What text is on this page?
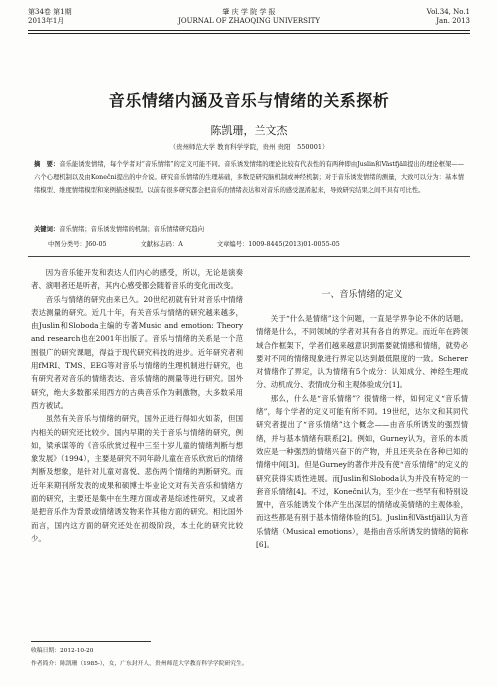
第34卷 第1期
2013年1月
肇 庆 学 院 学 报
JOURNAL OF ZHAOQING UNIVERSITY
Vol.34, No.1
Jan. 2013
音乐情绪内涵及音乐与情绪的关系探析
陈凯珊，兰文杰
（贵州师范大学 教育科学学院，贵州 贵阳　550001）
摘　要：音乐能诱发情绪，每个学者对“音乐情绪”的定义可能不同。音乐诱发情绪的理论比较有代表性的有两种即由Juslin和Västfjäll提出的理论框架——六个心理机制以及由Konečni提出的中介说。研究音乐情绪的生理基础，多数是研究脑机制或神经机制；对于音乐诱发情绪的测量，大致可以分为：基本情绪模型、维度情绪模型和案例描述模型。以前有很多研究都会把音乐的情绪表达和对音乐的感受混淆起来，导致研究结果之间不具有可比性。
关键词：音乐情绪；音乐诱发情绪的机制；音乐情绪研究趋向
中图分类号：J60-05	文献标志码：A	文章编号：1009-8445(2013)01-0055-05

因为音乐能开发和表达人们内心的感受，所以，无论是演奏者、演唱者还是听者，其内心感受都会随着音乐的变化而改变。

音乐与情绪的研究由来已久。20世纪初就有针对音乐中情绪表达测量的研究。近几十年，有关音乐与情绪的研究越来越多，由Juslin和Sloboda主编的专著Music and emotion: Theory and research也在2001年出版了。音乐与情绪的关系是一个范围很广的研究课题，得益于现代研究科技的进步。近年研究者利用fMRI、TMS、EEG等对音乐与情绪的生理机制进行研究，也有研究者对音乐的情绪表达、音乐情绪的测量等进行研究。国外研究，绝大多数都采用西方的古典音乐作为刺激物，大多数采用西方被试。

虽然有关音乐与情绪的研究，国外正进行得如火如荼，但国内相关的研究还比较少。国内早期的关于音乐与情绪的研究，例如，梁承谋等的《音乐欣赏过程中三至十岁儿童的情绪判断与想象发展》（1994），主要是研究不同年龄儿童在音乐欣赏后的情绪判断及想象，是针对儿童对喜悦、悲伤两个情绪的判断研究。而近年来期刊所发表的成果和硕博士毕业论文对有关音乐和情绪方面的研究，主要还是集中在生理方面或者是综述性研究，又或者是把音乐作为背景或情绪诱发物来作其他方面的研究。相比国外而言，国内这方面的研究还处在初级阶段，本土化的研究比较少。

一、音乐情绪的定义

关于“什么是情绪”这个问题，一直是学界争论不休的话题。情绪是什么，不同领域的学者对其有各自的界定。而近年在跨领域合作框架下，学者们越来越意识到需要就情感和情绪，就势必要对不同的情绪现象进行界定以达到最低限度的一致。Scherer对情绪作了界定，认为情绪有5个成分：认知成分、神经生理成分、动机成分、表情成分和主观体验成分[1]。

那么，什么是“音乐情绪”？很情绪一样，如何定义“音乐情绪”，每个学者的定义可能有所不同。19世纪，达尔文和其同代研究者提出了“音乐情绪”这个概念——由音乐所诱发的强烈情绪，并与基本情绪有联系[2]。例如，Gurney认为，音乐的本质效应是一种强烈的情绪兴奋下的产物，并且还夹杂在各种已知的情绪中间[3]。但是Gurney的著作并没有使“音乐情绪”的定义的研究获得实质性进展。而Juslin和Sloboda认为并没有特定的一套音乐情绪[4]。不过，Konečni认为，至少在一些罕有和特别设置中，音乐能诱发个体产生出深层的情绪或美情绪的主观体验，而这些都是有别于基本情绪体验的[5]。Juslin和Västfjäll认为音乐情绪（Musical emotions），是指由音乐所诱发的情绪的简称[6]。

收稿日期：2012-10-20
作者简介：陈凯珊（1985-），女，广东封开人，贵州师范大学教育科学学院研究生。
